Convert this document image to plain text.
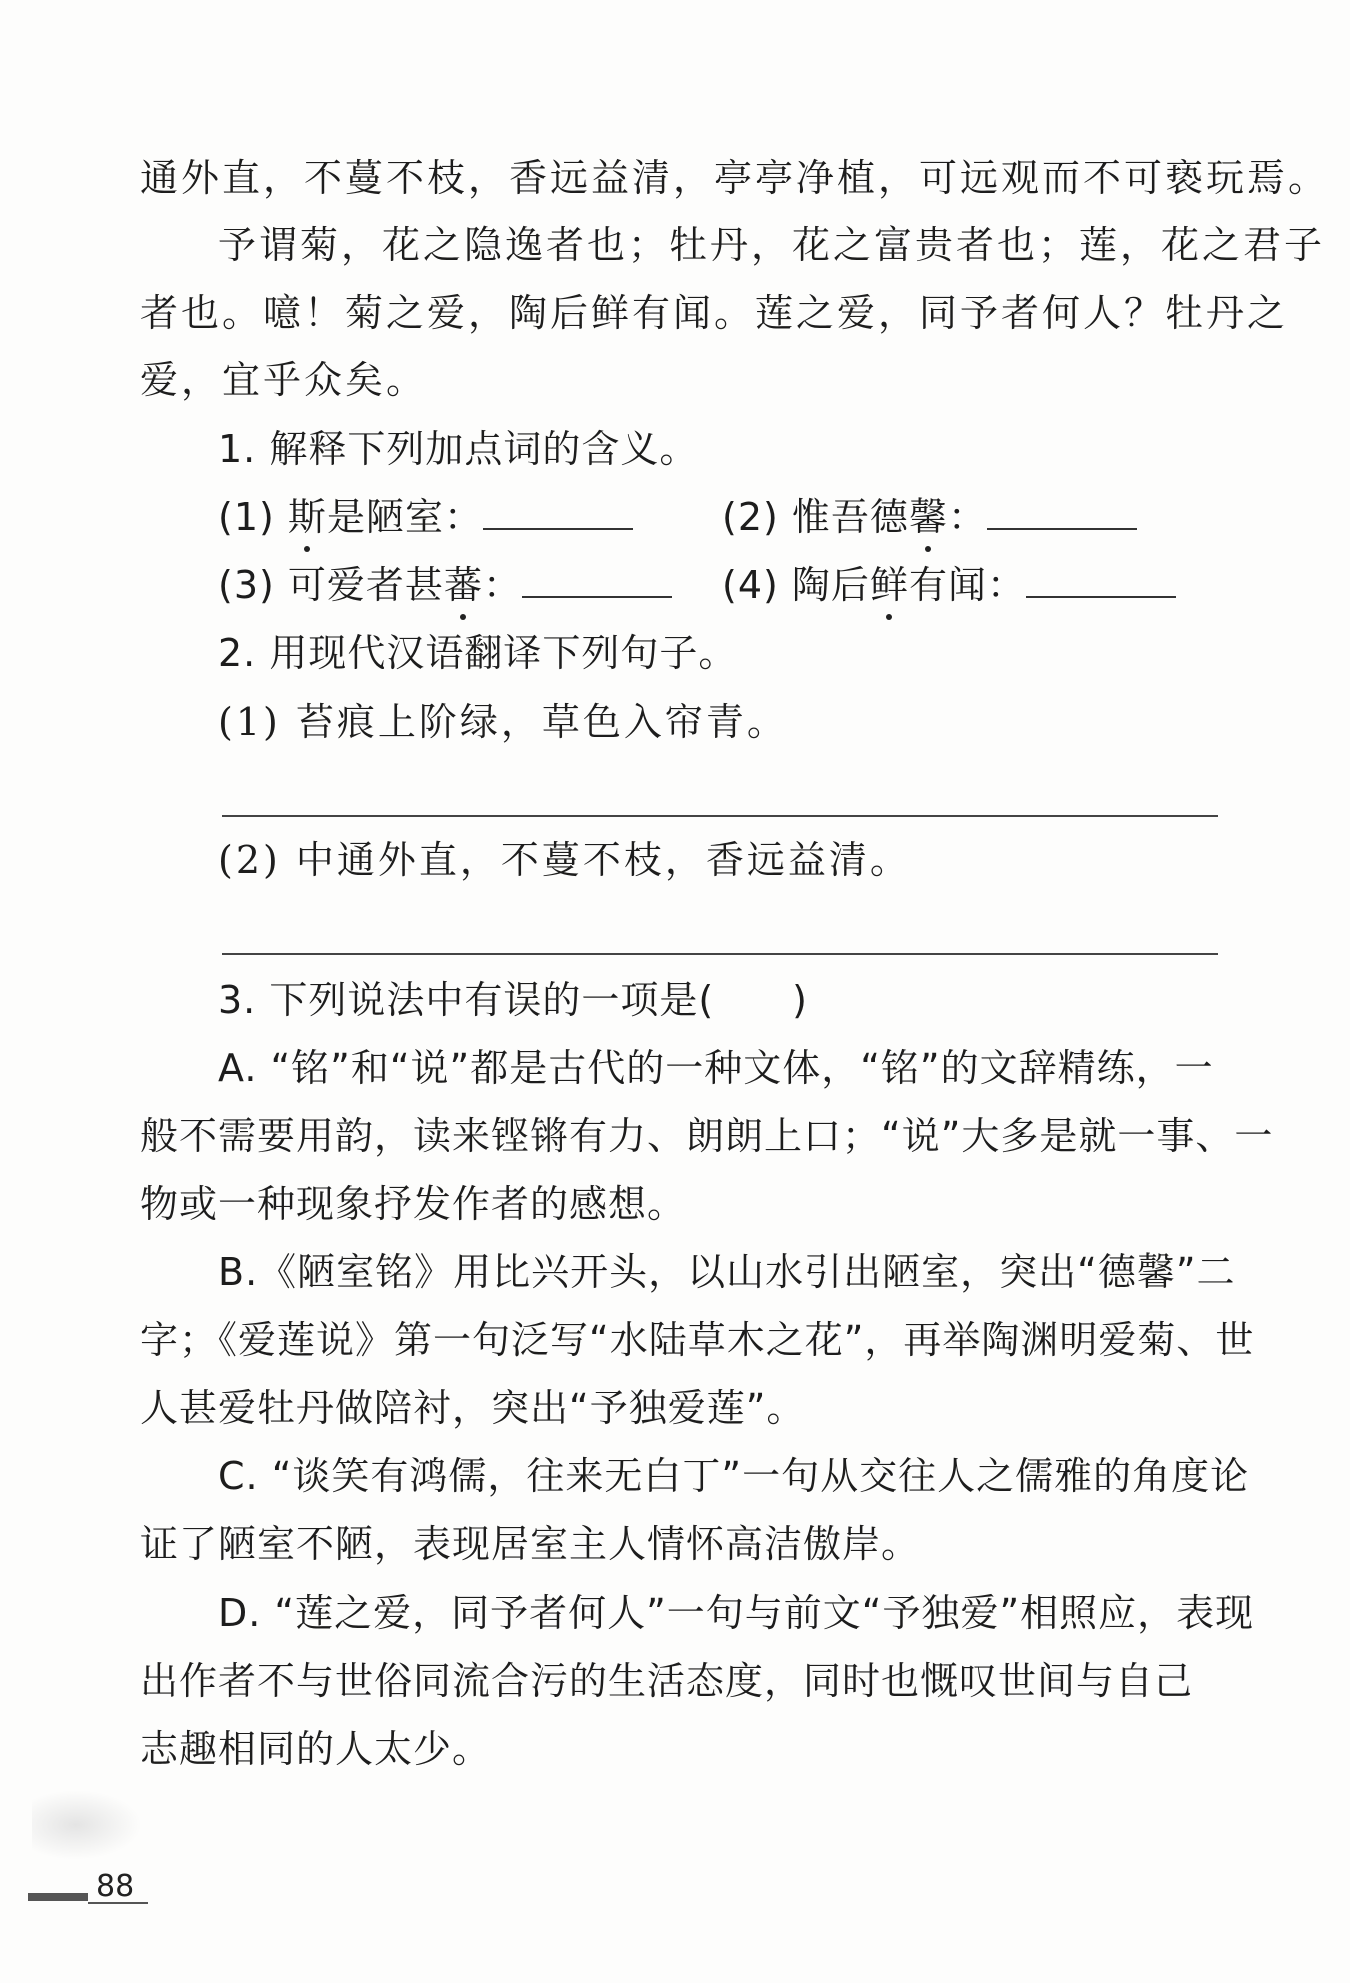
通外直，不蔓不枝，香远益清，亭亭净植，可远观而不可亵玩焉。
予谓菊，花之隐逸者也；牡丹，花之富贵者也；莲，花之君子
者也。噫！菊之爱，陶后鲜有闻。莲之爱，同予者何人？牡丹之
爱，宜乎众矣。
1. 解释下列加点词的含义。
(1) 斯是陋室：	(2) 惟吾德馨：
(3) 可爱者甚蕃：	(4) 陶后鲜有闻：
2. 用现代汉语翻译下列句子。
(1) 苔痕上阶绿，草色入帘青。
(2) 中通外直，不蔓不枝，香远益清。
3. 下列说法中有误的一项是(　　)
A. “铭”和“说”都是古代的一种文体，“铭”的文辞精练，一
般不需要用韵，读来铿锵有力、朗朗上口；“说”大多是就一事、一
物或一种现象抒发作者的感想。
B.《陋室铭》用比兴开头，以山水引出陋室，突出“德馨”二
字；《爱莲说》第一句泛写“水陆草木之花”，再举陶渊明爱菊、世
人甚爱牡丹做陪衬，突出“予独爱莲”。
C. “谈笑有鸿儒，往来无白丁”一句从交往人之儒雅的角度论
证了陋室不陋，表现居室主人情怀高洁傲岸。
D. “莲之爱，同予者何人”一句与前文“予独爱”相照应，表现
出作者不与世俗同流合污的生活态度，同时也慨叹世间与自己
志趣相同的人太少。
88
